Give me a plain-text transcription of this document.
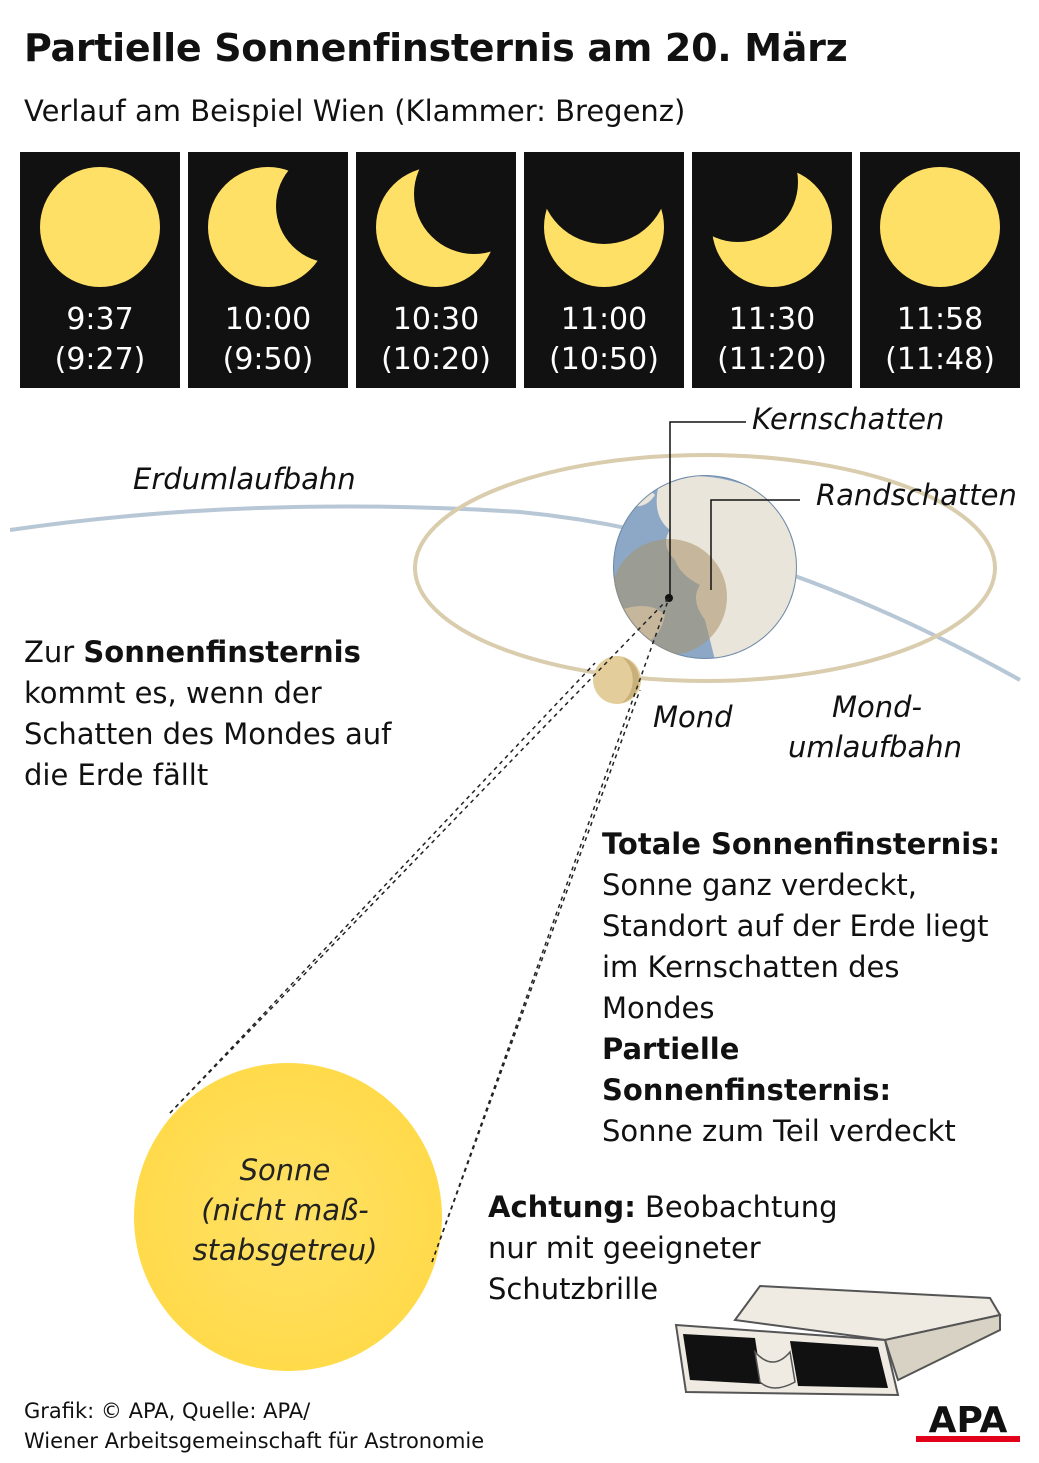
Partielle Sonnenfinsternis am 20. März
Verlauf am Beispiel Wien (Klammer: Bregenz)
9:37
(9:27)
10:00
(9:50)
10:30
(10:20)
11:00
(10:50)
11:30
(11:20)
11:58
(11:48)
Kernschatten
Randschatten
Erdumlaufbahn
Mond	Mond-
umlaufbahn
Sonne
(nicht maß-
stabsgetreu)
Zur Sonnenfinsternis
kommt es, wenn der
Schatten des Mondes auf
die Erde fällt
Totale Sonnenfinsternis:
Sonne ganz verdeckt,
Standort auf der Erde liegt
im Kernschatten des
Mondes
Partielle
Sonnenfinsternis:
Sonne zum Teil verdeckt
Achtung: Beobachtung
nur mit geeigneter
Schutzbrille
Grafik: © APA, Quelle: APA/
Wiener Arbeitsgemeinschaft für Astronomie	APA
